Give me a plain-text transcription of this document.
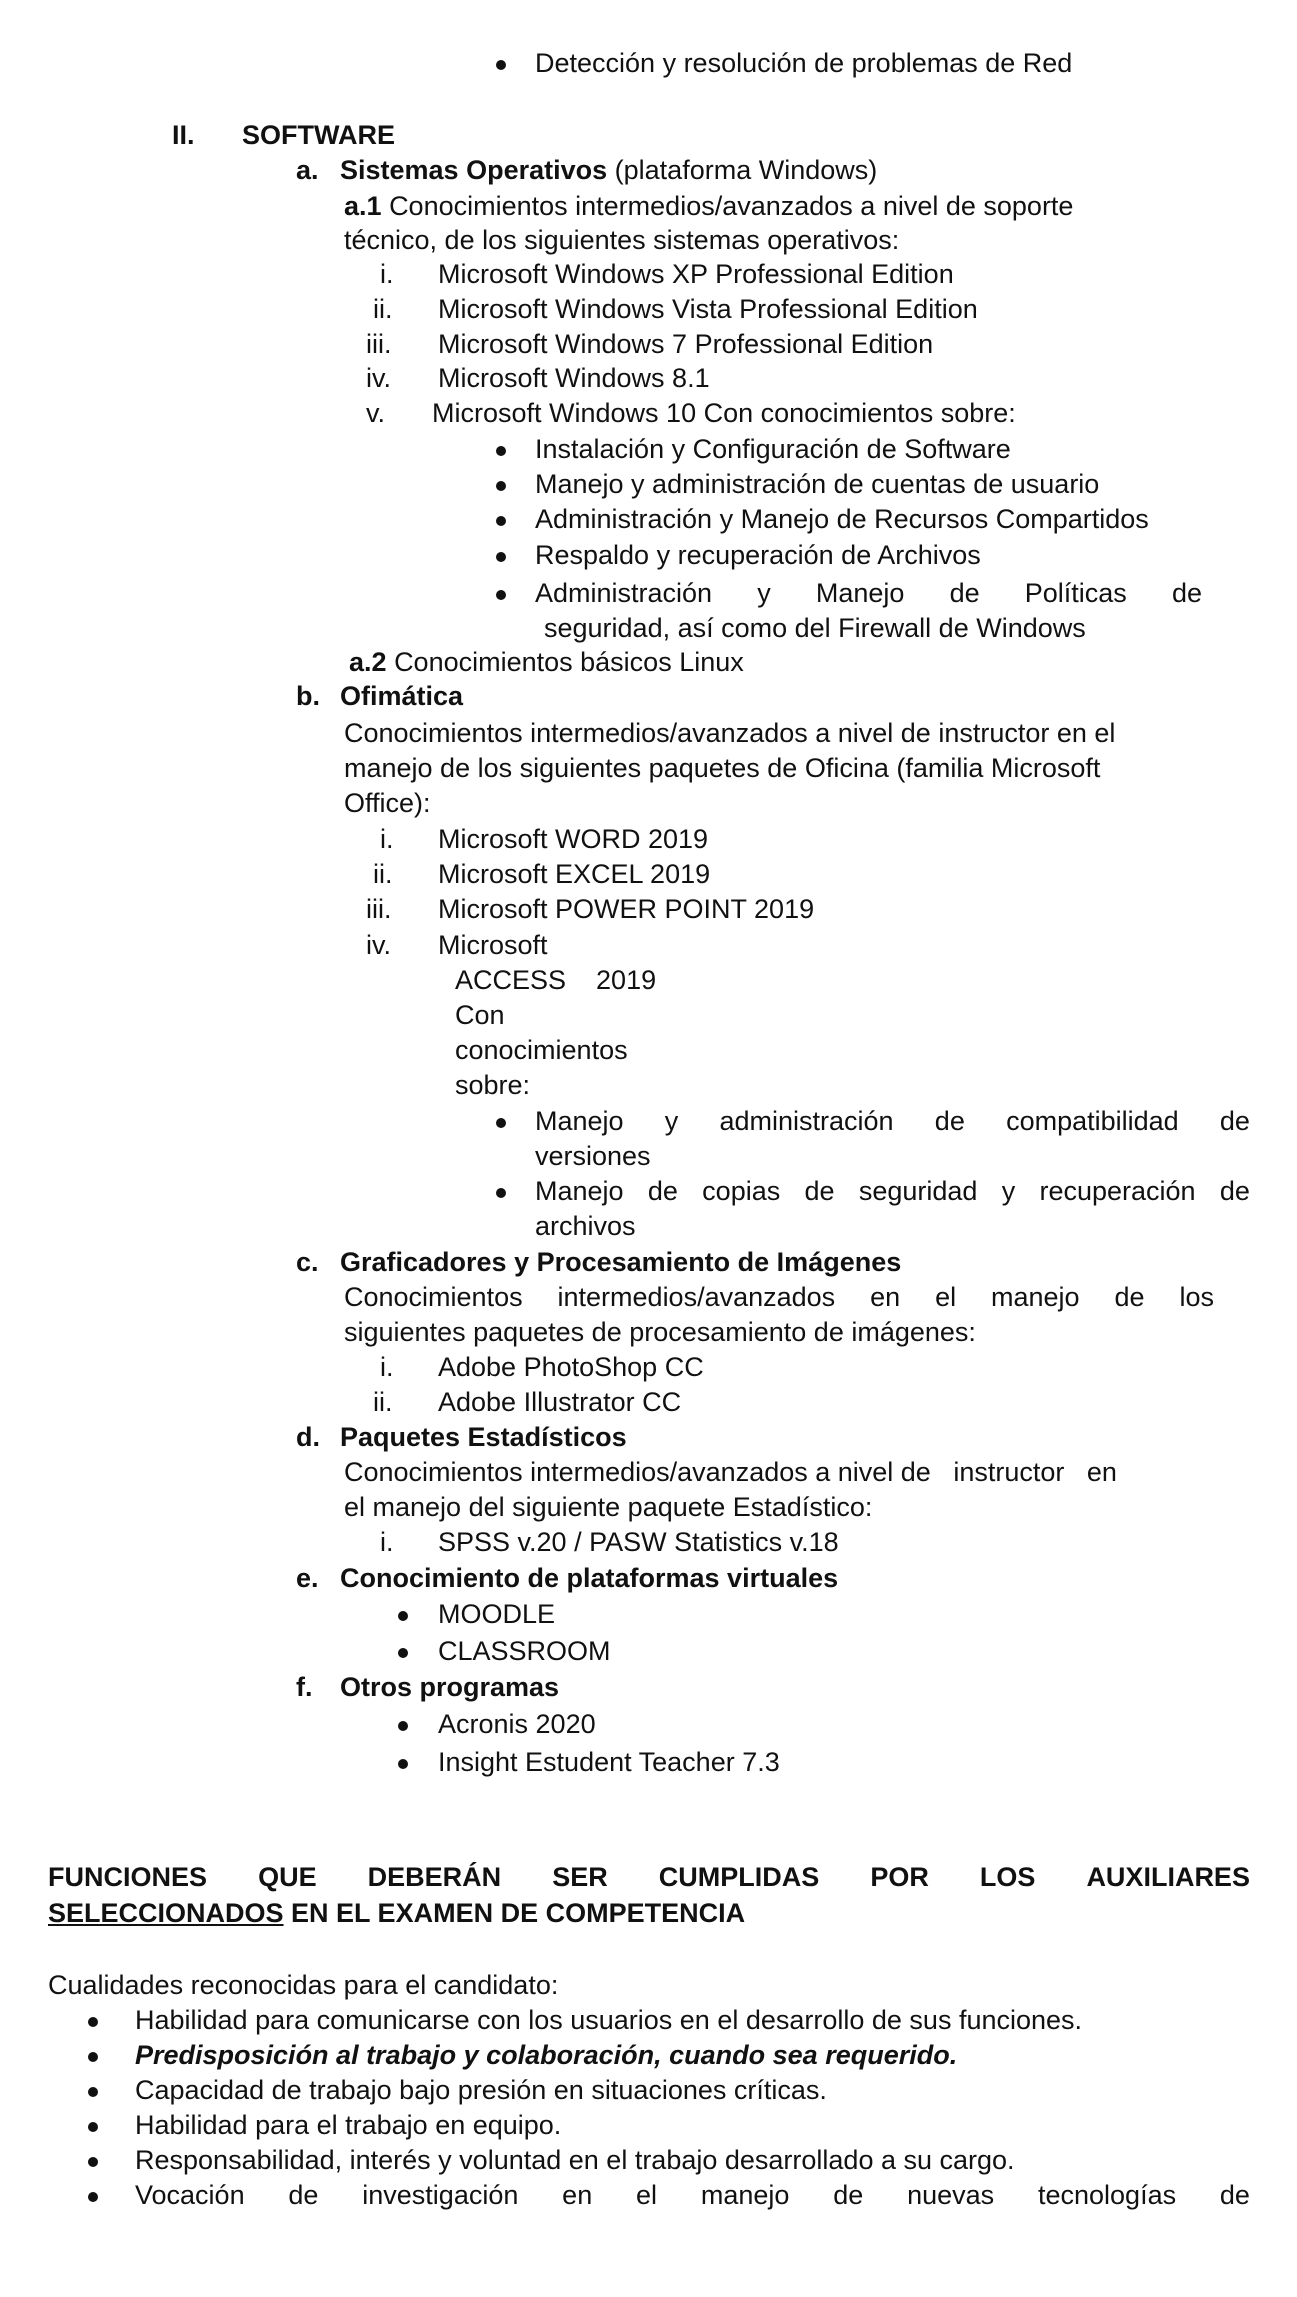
Detección y resolución de problemas de Red
II. SOFTWARE
a. Sistemas Operativos (plataforma Windows)
a.1 Conocimientos intermedios/avanzados a nivel de soporte
técnico, de los siguientes sistemas operativos:
i. Microsoft Windows XP Professional Edition
ii. Microsoft Windows Vista Professional Edition
iii. Microsoft Windows 7 Professional Edition
iv. Microsoft Windows 8.1
v. Microsoft Windows 10 Con conocimientos sobre:
Instalación y Configuración de Software
Manejo y administración de cuentas de usuario
Administración y Manejo de Recursos Compartidos
Respaldo y recuperación de Archivos
Administración y Manejo de Políticas de
seguridad, así como del Firewall de Windows
a.2 Conocimientos básicos Linux
b. Ofimática
Conocimientos intermedios/avanzados a nivel de instructor en el
manejo de los siguientes paquetes de Oficina (familia Microsoft
Office):
i. Microsoft WORD 2019
ii. Microsoft EXCEL 2019
iii. Microsoft POWER POINT 2019
iv. Microsoft
ACCESS    2019
Con
conocimientos
sobre:
Manejo y administración de compatibilidad de
versiones
Manejo de copias de seguridad y recuperación de
archivos
c. Graficadores y Procesamiento de Imágenes
Conocimientos intermedios/avanzados en el manejo de los
siguientes paquetes de procesamiento de imágenes:
i. Adobe PhotoShop CC
ii. Adobe Illustrator CC
d. Paquetes Estadísticos
Conocimientos intermedios/avanzados a nivel de   instructor   en
el manejo del siguiente paquete Estadístico:
i. SPSS v.20 / PASW Statistics v.18
e. Conocimiento de plataformas virtuales
MOODLE
CLASSROOM
f. Otros programas
Acronis 2020
Insight Estudent Teacher 7.3
FUNCIONES QUE DEBERÁN SER CUMPLIDAS POR LOS AUXILIARES
SELECCIONADOS EN EL EXAMEN DE COMPETENCIA
Cualidades reconocidas para el candidato:
Habilidad para comunicarse con los usuarios en el desarrollo de sus funciones.
Predisposición al trabajo y colaboración, cuando sea requerido.
Capacidad de trabajo bajo presión en situaciones críticas.
Habilidad para el trabajo en equipo.
Responsabilidad, interés y voluntad en el trabajo desarrollado a su cargo.
Vocación de investigación en el manejo de nuevas tecnologías de
